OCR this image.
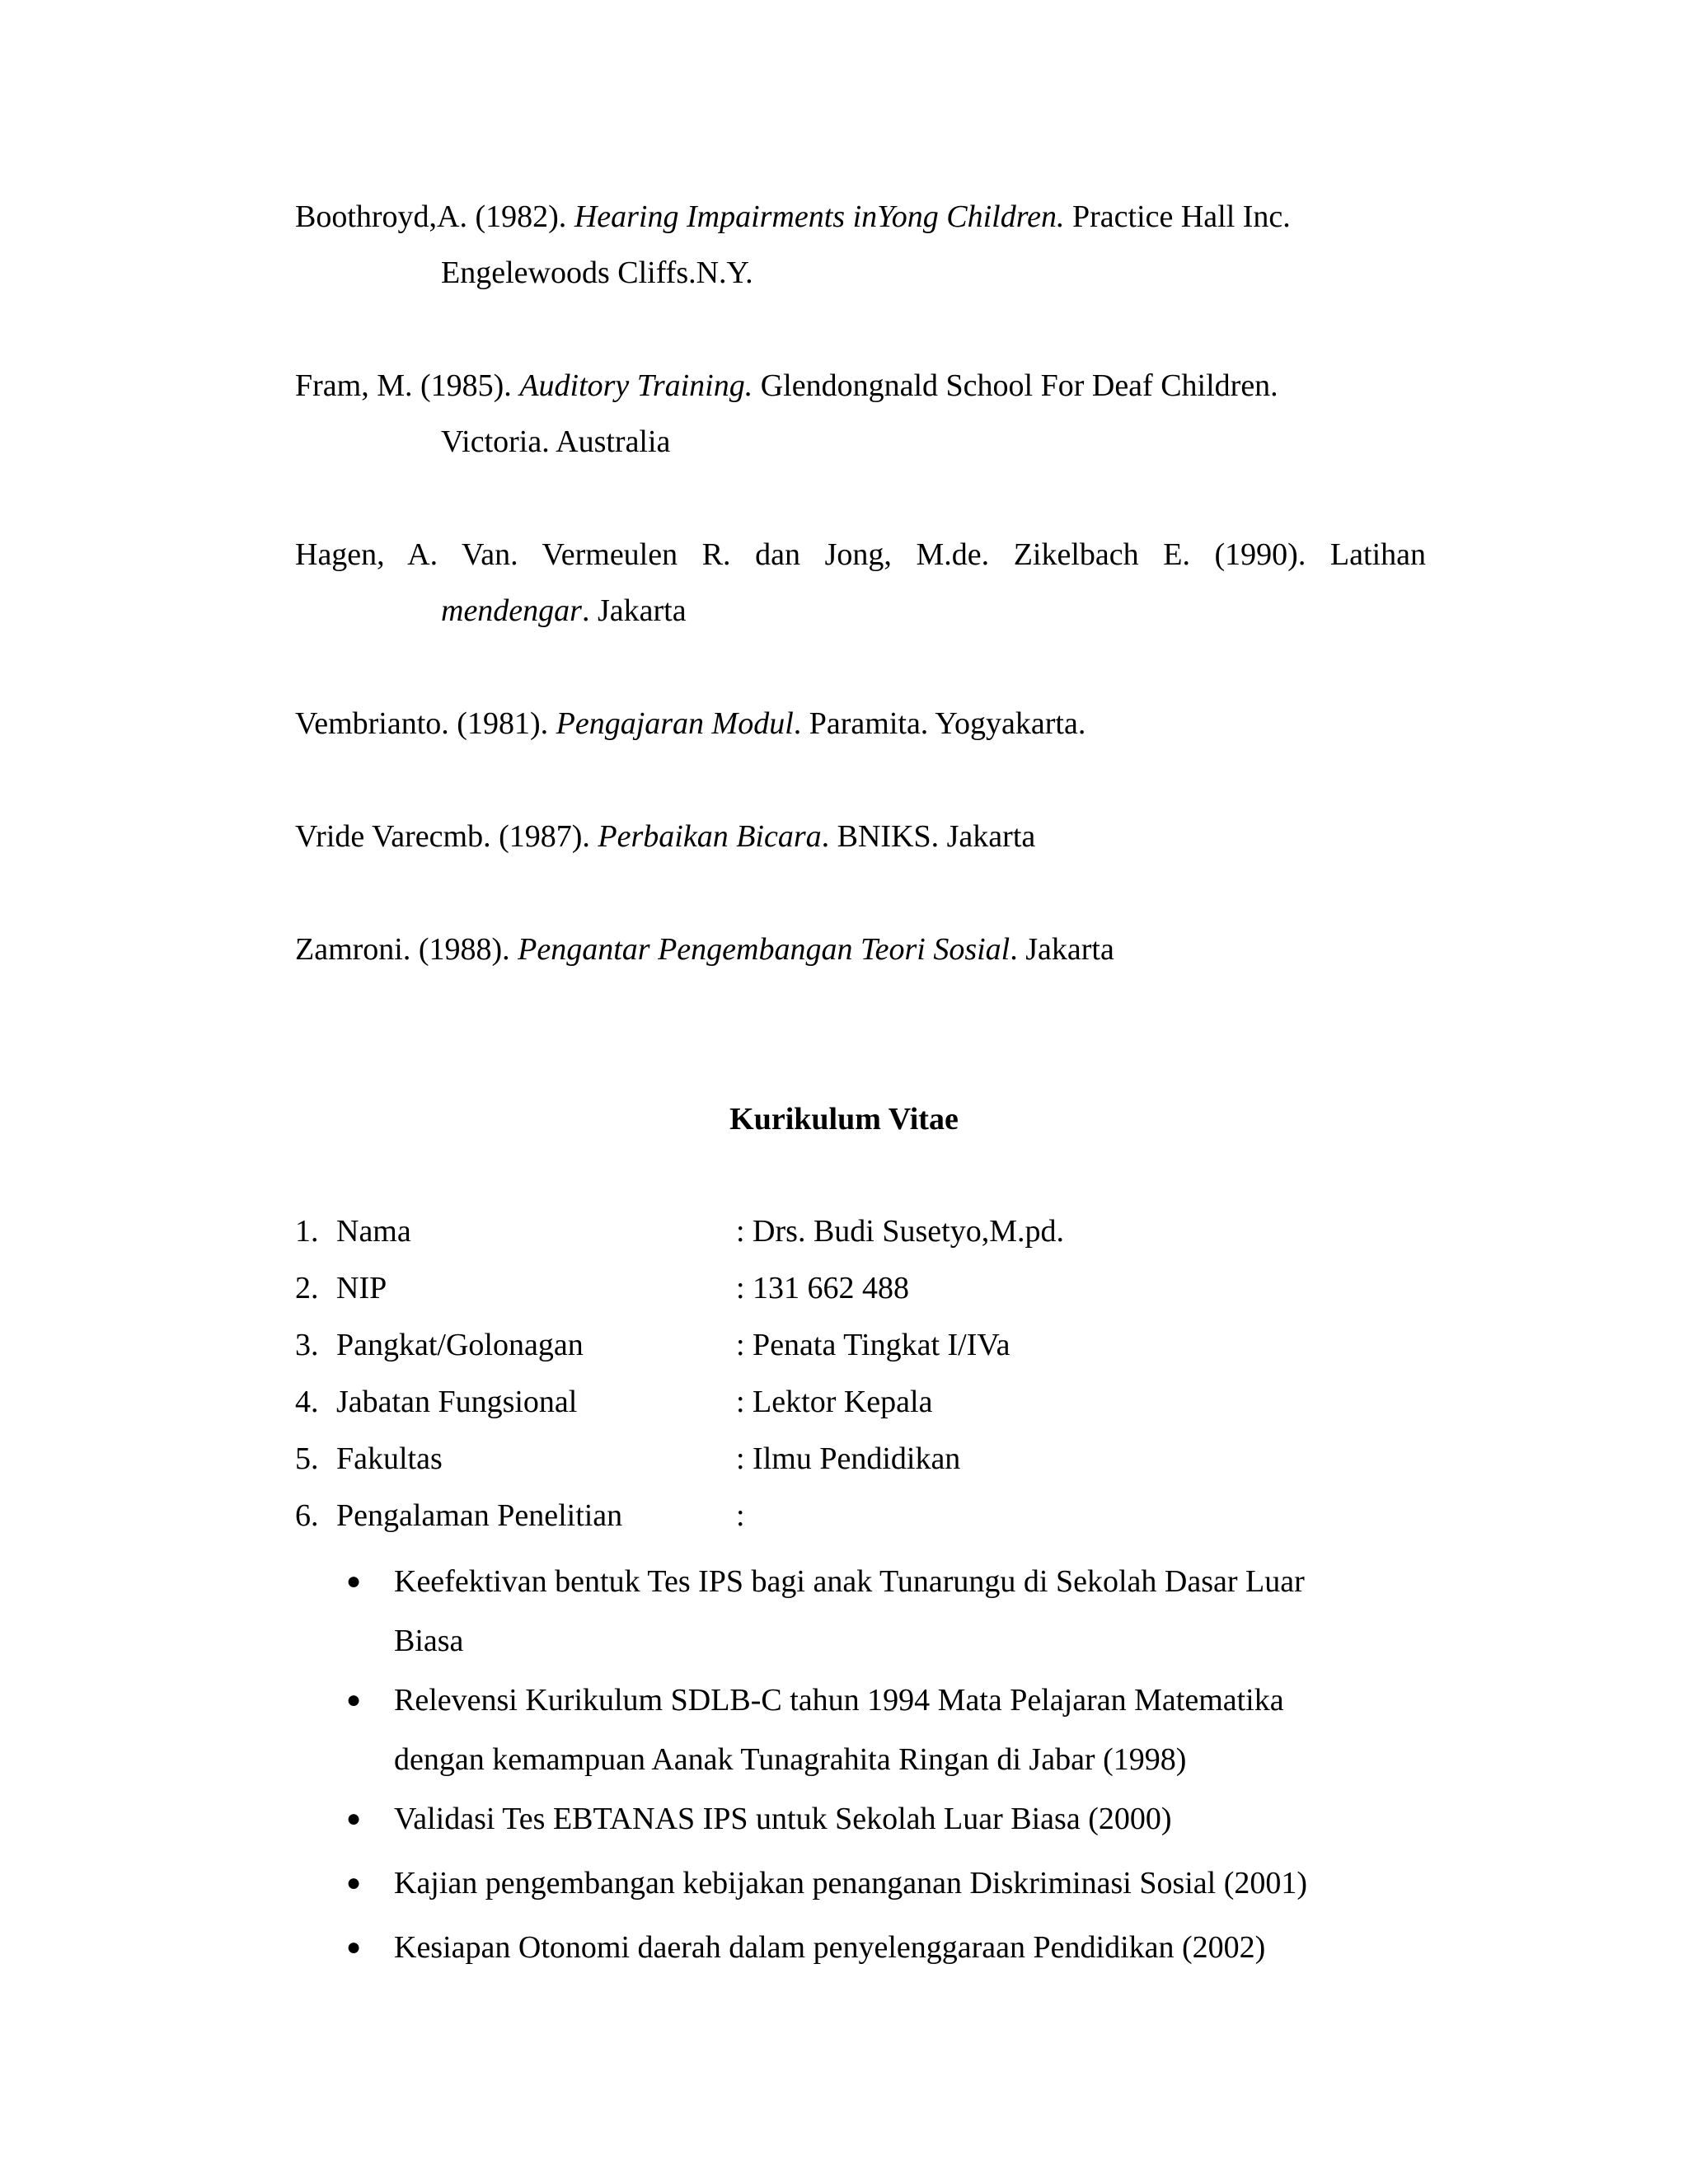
Boothroyd,A. (1982). Hearing Impairments inYong Children. Practice Hall Inc.
Engelewoods Cliffs.N.Y.
Fram, M. (1985). Auditory Training. Glendongnald School For Deaf Children.
Victoria. Australia
Hagen, A. Van. Vermeulen R. dan Jong, M.de. Zikelbach E. (1990). Latihan
mendengar. Jakarta
Vembrianto. (1981). Pengajaran Modul. Paramita. Yogyakarta.
Vride Varecmb. (1987). Perbaikan Bicara. BNIKS. Jakarta
Zamroni. (1988). Pengantar Pengembangan Teori Sosial. Jakarta
Kurikulum Vitae
1. Nama	: Drs. Budi Susetyo,M.pd.
2. NIP	: 131 662 488
3. Pangkat/Golonagan	: Penata Tingkat I/IVa
4. Jabatan Fungsional	: Lektor Kepala
5. Fakultas	: Ilmu Pendidikan
6. Pengalaman Penelitian	:
● Keefektivan bentuk Tes IPS bagi anak Tunarungu di Sekolah Dasar Luar
Biasa
● Relevensi Kurikulum SDLB-C tahun 1994 Mata Pelajaran Matematika
dengan kemampuan Aanak Tunagrahita Ringan di Jabar (1998)
● Validasi Tes EBTANAS IPS untuk Sekolah Luar Biasa (2000)
● Kajian pengembangan kebijakan penanganan Diskriminasi Sosial (2001)
● Kesiapan Otonomi daerah dalam penyelenggaraan Pendidikan (2002)
